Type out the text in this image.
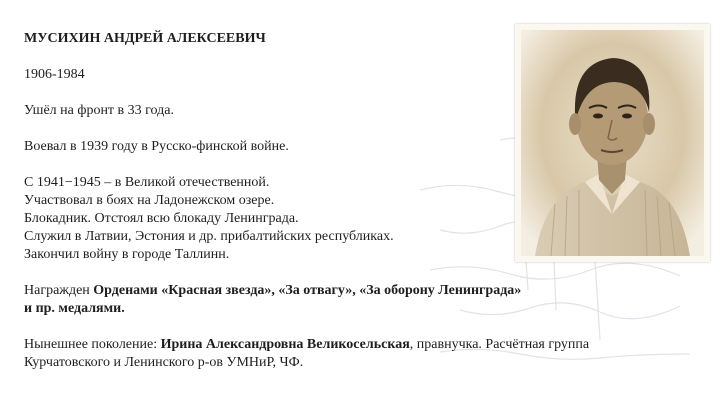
МУСИХИН АНДРЕЙ АЛЕКСЕЕВИЧ

1906-1984

Ушёл на фронт в 33 года.

Воевал в 1939 году в Русско-финской войне.

С 1941−1945 – в Великой отечественной.

Участвовал в боях на Ладонежском озере.

Блокадник. Отстоял всю блокаду Ленинграда.

Служил в Латвии, Эстония и др. прибалтийских республиках.

Закончил войну в городе Таллинн.

Награжден Орденами «Красная звезда», «За отвагу», «За оборону Ленинграда»

и пр. медалями.

Нынешнее поколение: Ирина Александровна Великосельская, правнучка. Расчётная группа

Курчатовского и Ленинского р-ов УМНиР, ЧФ.
